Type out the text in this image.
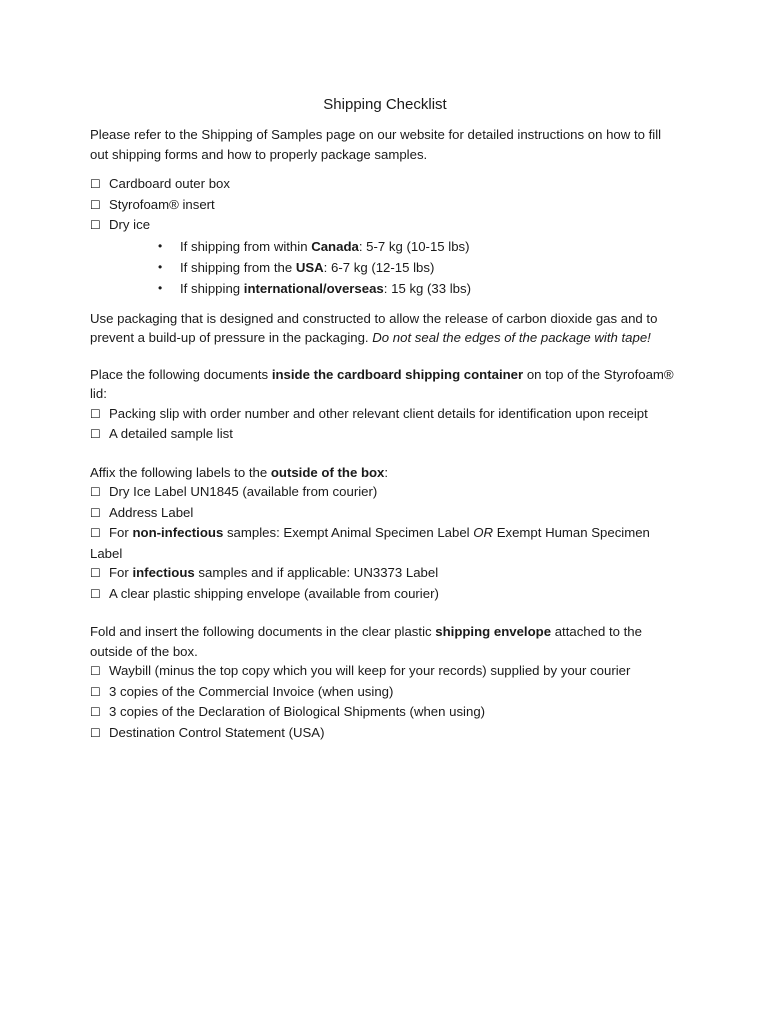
Shipping Checklist

Please refer to the Shipping of Samples page on our website for detailed instructions on how to fill out shipping forms and how to properly package samples.

☐ Cardboard outer box

☐ Styrofoam® insert

☐ Dry ice

• If shipping from within Canada: 5-7 kg (10-15 lbs)
• If shipping from the USA: 6-7 kg (12-15 lbs)
• If shipping international/overseas: 15 kg (33 lbs)

Use packaging that is designed and constructed to allow the release of carbon dioxide gas and to prevent a build-up of pressure in the packaging. Do not seal the edges of the package with tape!

Place the following documents inside the cardboard shipping container on top of the Styrofoam® lid:

☐ Packing slip with order number and other relevant client details for identification upon receipt

☐ A detailed sample list

Affix the following labels to the outside of the box:

☐ Dry Ice Label UN1845 (available from courier)

☐ Address Label

☐ For non-infectious samples: Exempt Animal Specimen Label OR Exempt Human Specimen Label

☐ For infectious samples and if applicable: UN3373 Label

☐ A clear plastic shipping envelope (available from courier)

Fold and insert the following documents in the clear plastic shipping envelope attached to the outside of the box.

☐ Waybill (minus the top copy which you will keep for your records) supplied by your courier

☐ 3 copies of the Commercial Invoice (when using)

☐ 3 copies of the Declaration of Biological Shipments (when using)

☐ Destination Control Statement (USA)
